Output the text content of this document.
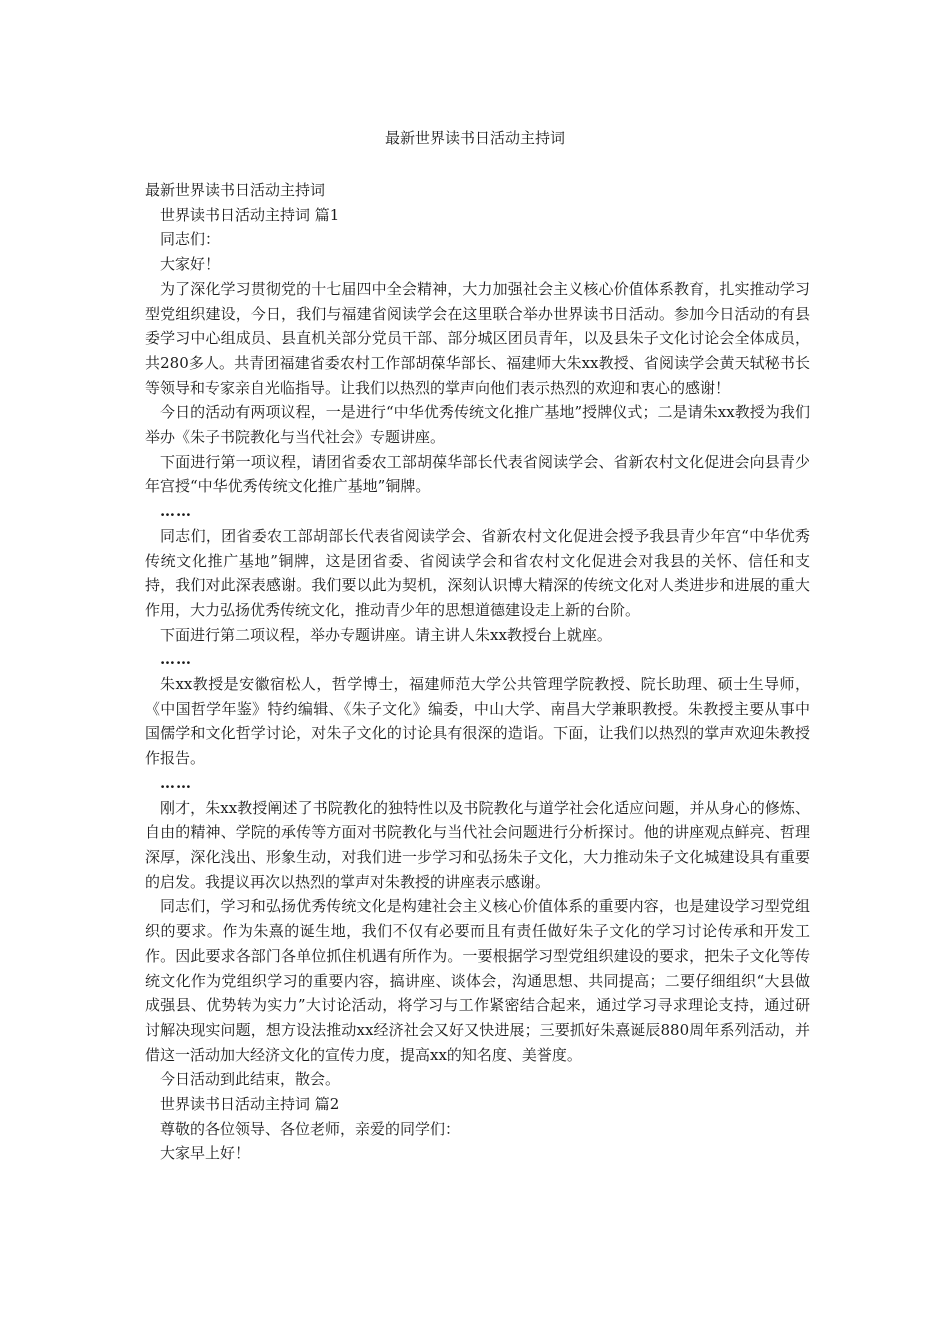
最新世界读书日活动主持词

最新世界读书日活动主持词

世界读书日活动主持词 篇1

同志们：

大家好！

为了深化学习贯彻党的十七届四中全会精神，大力加强社会主义核心价值体系教育，扎实推动学习型党组织建设，今日，我们与福建省阅读学会在这里联合举办世界读书日活动。参加今日活动的有县委学习中心组成员、县直机关部分党员干部、部分城区团员青年，以及县朱子文化讨论会全体成员，共280多人。共青团福建省委农村工作部胡葆华部长、福建师大朱xx教授、省阅读学会黄天轼秘书长等领导和专家亲自光临指导。让我们以热烈的掌声向他们表示热烈的欢迎和衷心的感谢！

今日的活动有两项议程，一是进行“中华优秀传统文化推广基地”授牌仪式；二是请朱xx教授为我们举办《朱子书院教化与当代社会》专题讲座。

下面进行第一项议程，请团省委农工部胡葆华部长代表省阅读学会、省新农村文化促进会向县青少年宫授“中华优秀传统文化推广基地”铜牌。

……

同志们，团省委农工部胡部长代表省阅读学会、省新农村文化促进会授予我县青少年宫“中华优秀传统文化推广基地”铜牌，这是团省委、省阅读学会和省农村文化促进会对我县的关怀、信任和支持，我们对此深表感谢。我们要以此为契机，深刻认识博大精深的传统文化对人类进步和进展的重大作用，大力弘扬优秀传统文化，推动青少年的思想道德建设走上新的台阶。

下面进行第二项议程，举办专题讲座。请主讲人朱xx教授台上就座。

……

朱xx教授是安徽宿松人，哲学博士，福建师范大学公共管理学院教授、院长助理、硕士生导师，《中国哲学年鉴》特约编辑、《朱子文化》编委，中山大学、南昌大学兼职教授。朱教授主要从事中国儒学和文化哲学讨论，对朱子文化的讨论具有很深的造诣。下面，让我们以热烈的掌声欢迎朱教授作报告。

……

刚才，朱xx教授阐述了书院教化的独特性以及书院教化与道学社会化适应问题，并从身心的修炼、自由的精神、学院的承传等方面对书院教化与当代社会问题进行分析探讨。他的讲座观点鲜亮、哲理深厚，深化浅出、形象生动，对我们进一步学习和弘扬朱子文化，大力推动朱子文化城建设具有重要的启发。我提议再次以热烈的掌声对朱教授的讲座表示感谢。

同志们，学习和弘扬优秀传统文化是构建社会主义核心价值体系的重要内容，也是建设学习型党组织的要求。作为朱熹的诞生地，我们不仅有必要而且有责任做好朱子文化的学习讨论传承和开发工作。因此要求各部门各单位抓住机遇有所作为。一要根据学习型党组织建设的要求，把朱子文化等传统文化作为党组织学习的重要内容，搞讲座、谈体会，沟通思想、共同提高；二要仔细组织“大县做成强县、优势转为实力”大讨论活动，将学习与工作紧密结合起来，通过学习寻求理论支持，通过研讨解决现实问题，想方设法推动xx经济社会又好又快进展；三要抓好朱熹诞辰880周年系列活动，并借这一活动加大经济文化的宣传力度，提高xx的知名度、美誉度。

今日活动到此结束，散会。

世界读书日活动主持词 篇2

尊敬的各位领导、各位老师，亲爱的同学们：

大家早上好！
